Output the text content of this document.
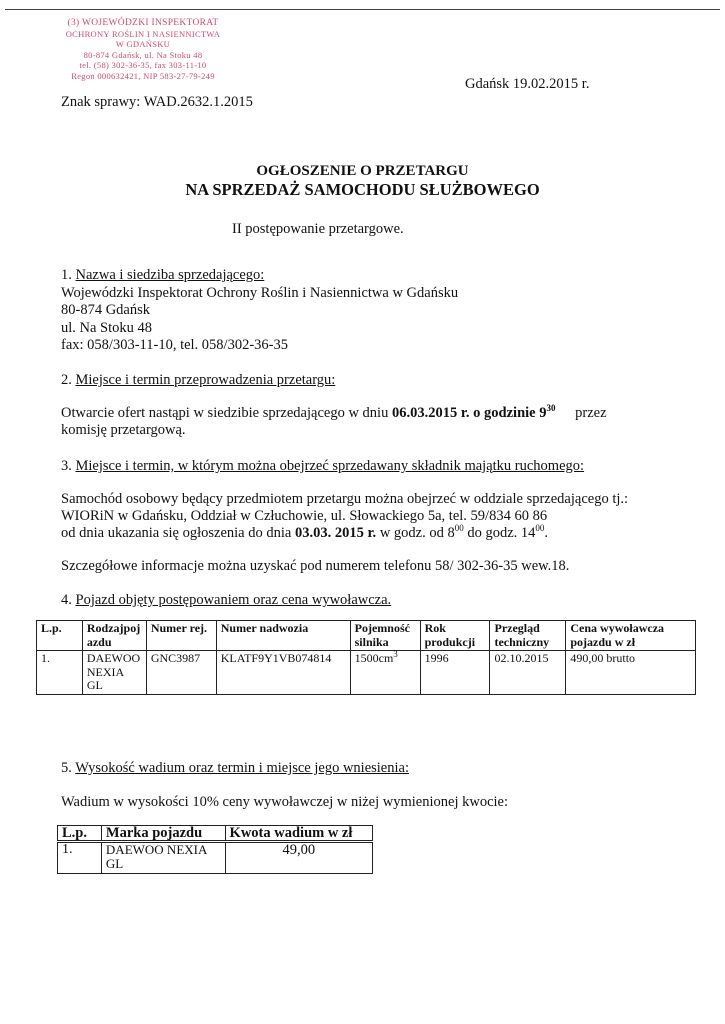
(3) WOJEWÓDZKI INSPEKTORAT
OCHRONY ROŚLIN I NASIENNICTWA
W GDAŃSKU
80-874 Gdańsk, ul. Na Stoku 48
tel. (58) 302-36-35, fax 303-11-10
Regon 000632421, NIP 583-27-79-249
Znak sprawy: WAD.2632.1.2015
Gdańsk 19.02.2015 r.
OGŁOSZENIE O PRZETARGU
NA SPRZEDAŻ SAMOCHODU SŁUŻBOWEGO
II postępowanie przetargowe.
1. Nazwa i siedziba sprzedającego:
Wojewódzki Inspektorat Ochrony Roślin i Nasiennictwa w Gdańsku
80-874 Gdańsk
ul. Na Stoku 48
fax: 058/303-11-10, tel. 058/302-36-35
2. Miejsce i termin przeprowadzenia przetargu:
Otwarcie ofert nastąpi w siedzibie sprzedającego w dniu 06.03.2015 r. o godzinie $9^{30}$ przez
komisję przetargową.
3. Miejsce i termin, w którym można obejrzeć sprzedawany składnik majątku ruchomego:
Samochód osobowy będący przedmiotem przetargu można obejrzeć w oddziale sprzedającego tj.:
WIORiN w Gdańsku, Oddział w Człuchowie, ul. Słowackiego 5a, tel. 59/834 60 86
od dnia ukazania się ogłoszenia do dnia 03.03. 2015 r. w godz. od $8^{00}$ do godz. $14^{00}$.
Szczegółowe informacje można uzyskać pod numerem telefonu 58/ 302-36-35 wew.18.
4. Pojazd objęty postępowaniem oraz cena wywoławcza.
L.p.	Rodzajpoj azdu	Numer rej.	Numer nadwozia	Pojemność silnika	Rok produkcji	Przegląd techniczny	Cena wywoławcza pojazdu w zł
1.	DAEWOO NEXIA GL	GNC3987	KLATF9Y1VB074814	$1500cm^3$	1996	02.10.2015	490,00 brutto
5. Wysokość wadium oraz termin i miejsce jego wniesienia:
Wadium w wysokości 10% ceny wywoławczej w niżej wymienionej kwocie:
L.p.	Marka pojazdu	Kwota wadium w zł
1.	DAEWOO NEXIA GL	49,00
